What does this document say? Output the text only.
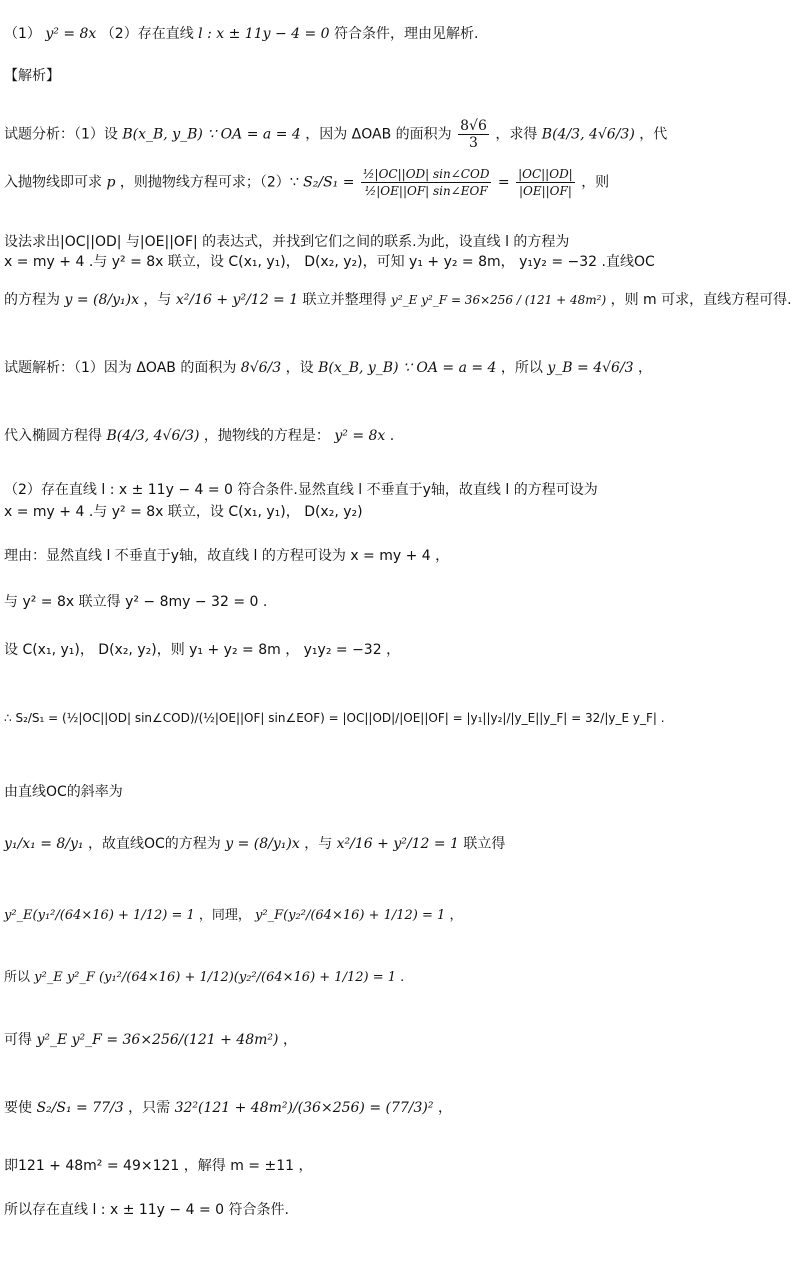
（1） y² = 8x （2）存在直线 l : x ± 11y − 4 = 0 符合条件，理由见解析.
【解析】
试题分析：（1）设 B(x_B, y_B) ∵ OA = a = 4 ，因为 ΔOAB 的面积为 $\frac{8√6}{3}$ ，求得 B(4/3, 4√6/3) ，代
入抛物线即可求 p ，则抛物线方程可求；（2）∵ $S_2/S_1 = \frac{\text{½|OC||OD| sin∠COD}}{\text{½|OE||OF| sin∠EOF}} = \frac{|OC||OD|}{|OE||OF|}$ ，则
设法求出|OC||OD| 与|OE||OF| 的表达式，并找到它们之间的联系.为此，设直线 l 的方程为
x = my + 4 .与 y² = 8x 联立，设 C(x₁, y₁)， D(x₂, y₂)，可知 y₁ + y₂ = 8m， y₁y₂ = −32 .直线OC
的方程为 y = (8/y₁)x ，与 x²/16 + y²/12 = 1 联立并整理得 y²_E y²_F = 36×256 / (121 + 48m²) ，则 m 可求，直线方程可得.
试题解析：（1）因为 ΔOAB 的面积为 8√6/3 ，设 B(x_B, y_B) ∵ OA = a = 4 ，所以 y_B = 4√6/3 ，
代入椭圆方程得 B(4/3, 4√6/3) ，抛物线的方程是： y² = 8x .
（2）存在直线 l : x ± 11y − 4 = 0 符合条件.显然直线 l 不垂直于y轴，故直线 l 的方程可设为
x = my + 4 .与 y² = 8x 联立，设 C(x₁, y₁)， D(x₂, y₂)
理由：显然直线 l 不垂直于y轴，故直线 l 的方程可设为 x = my + 4 ，
与 y² = 8x 联立得 y² − 8my − 32 = 0 .
设 C(x₁, y₁)， D(x₂, y₂)，则 y₁ + y₂ = 8m ， y₁y₂ = −32 ，
∴ S₂/S₁ = (½|OC||OD| sin∠COD)/(½|OE||OF| sin∠EOF) = |OC||OD|/|OE||OF| = |y₁||y₂|/|y_E||y_F| = 32/|y_E y_F| .
由直线OC的斜率为
y₁/x₁ = 8/y₁ ，故直线OC的方程为 y = (8/y₁)x ，与 x²/16 + y²/12 = 1 联立得
y²_E(y₁²/(64×16) + 1/12) = 1 ，同理， y²_F(y₂²/(64×16) + 1/12) = 1 ，
所以 y²_E y²_F (y₁²/(64×16) + 1/12)(y₂²/(64×16) + 1/12) = 1 .
可得 y²_E y²_F = 36×256/(121 + 48m²) ，
要使 S₂/S₁ = 77/3 ，只需 32²(121 + 48m²)/(36×256) = (77/3)² ，
即121 + 48m² = 49×121 ，解得 m = ±11 ，
所以存在直线 l : x ± 11y − 4 = 0 符合条件.
